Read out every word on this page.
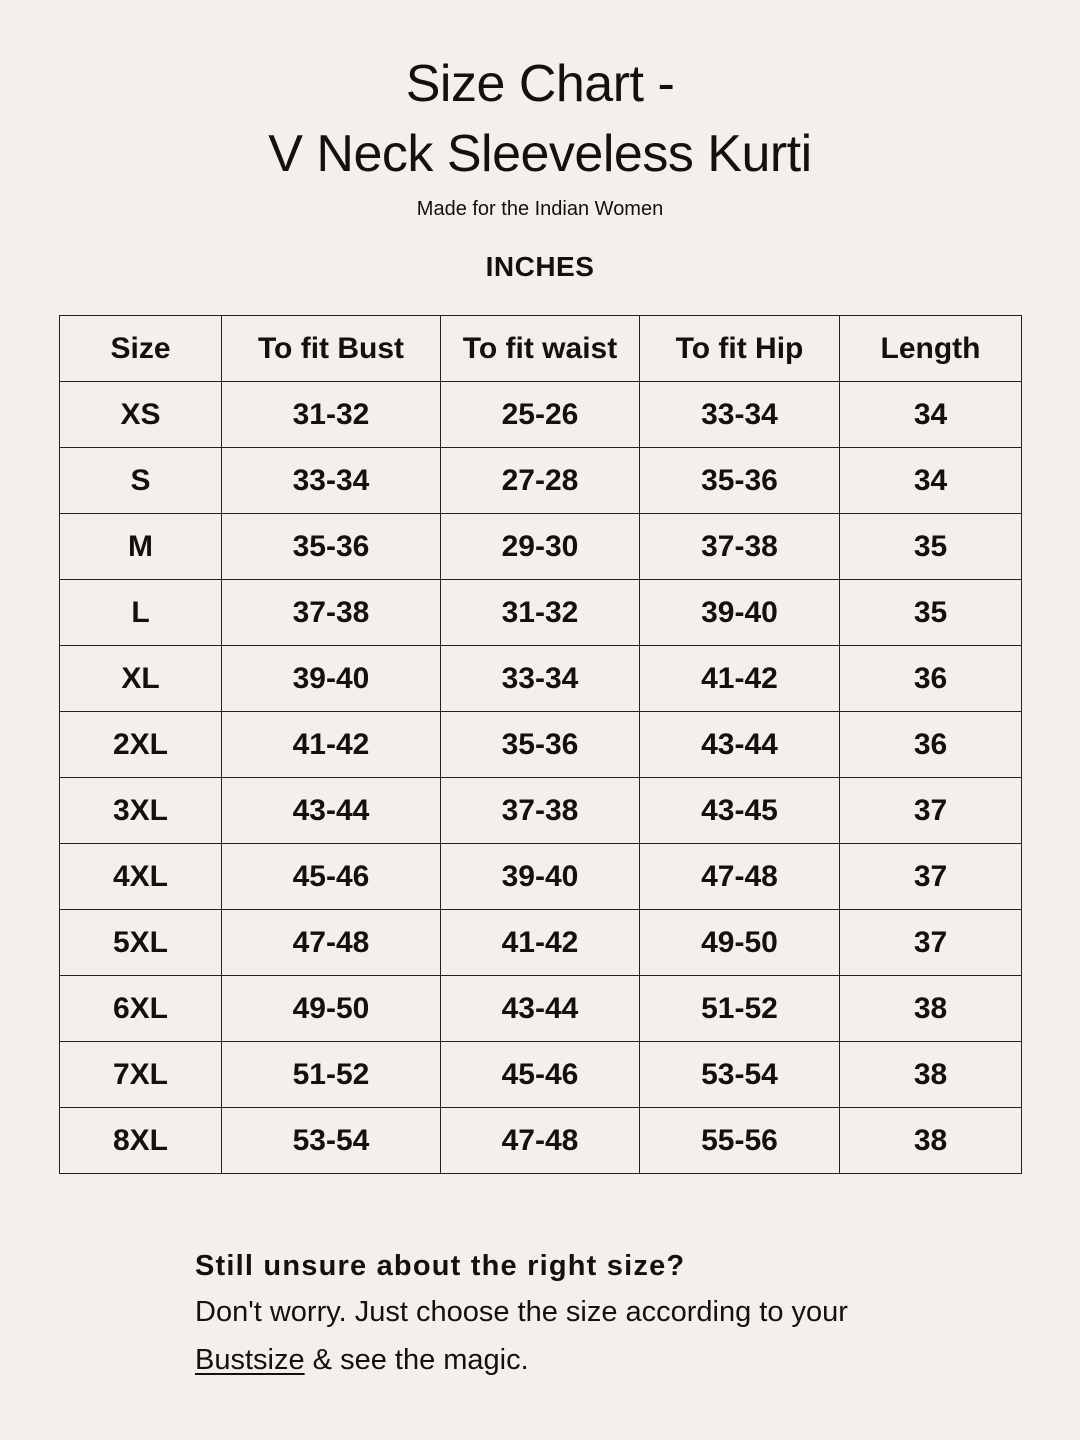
Size Chart -
V Neck Sleeveless Kurti
Made for the Indian Women
INCHES
Size	To fit Bust	To fit waist	To fit Hip	Length
XS	31-32	25-26	33-34	34
S	33-34	27-28	35-36	34
M	35-36	29-30	37-38	35
L	37-38	31-32	39-40	35
XL	39-40	33-34	41-42	36
2XL	41-42	35-36	43-44	36
3XL	43-44	37-38	43-45	37
4XL	45-46	39-40	47-48	37
5XL	47-48	41-42	49-50	37
6XL	49-50	43-44	51-52	38
7XL	51-52	45-46	53-54	38
8XL	53-54	47-48	55-56	38
Still unsure about the right size?
Don't worry. Just choose the size according to your
Bustsize & see the magic.
